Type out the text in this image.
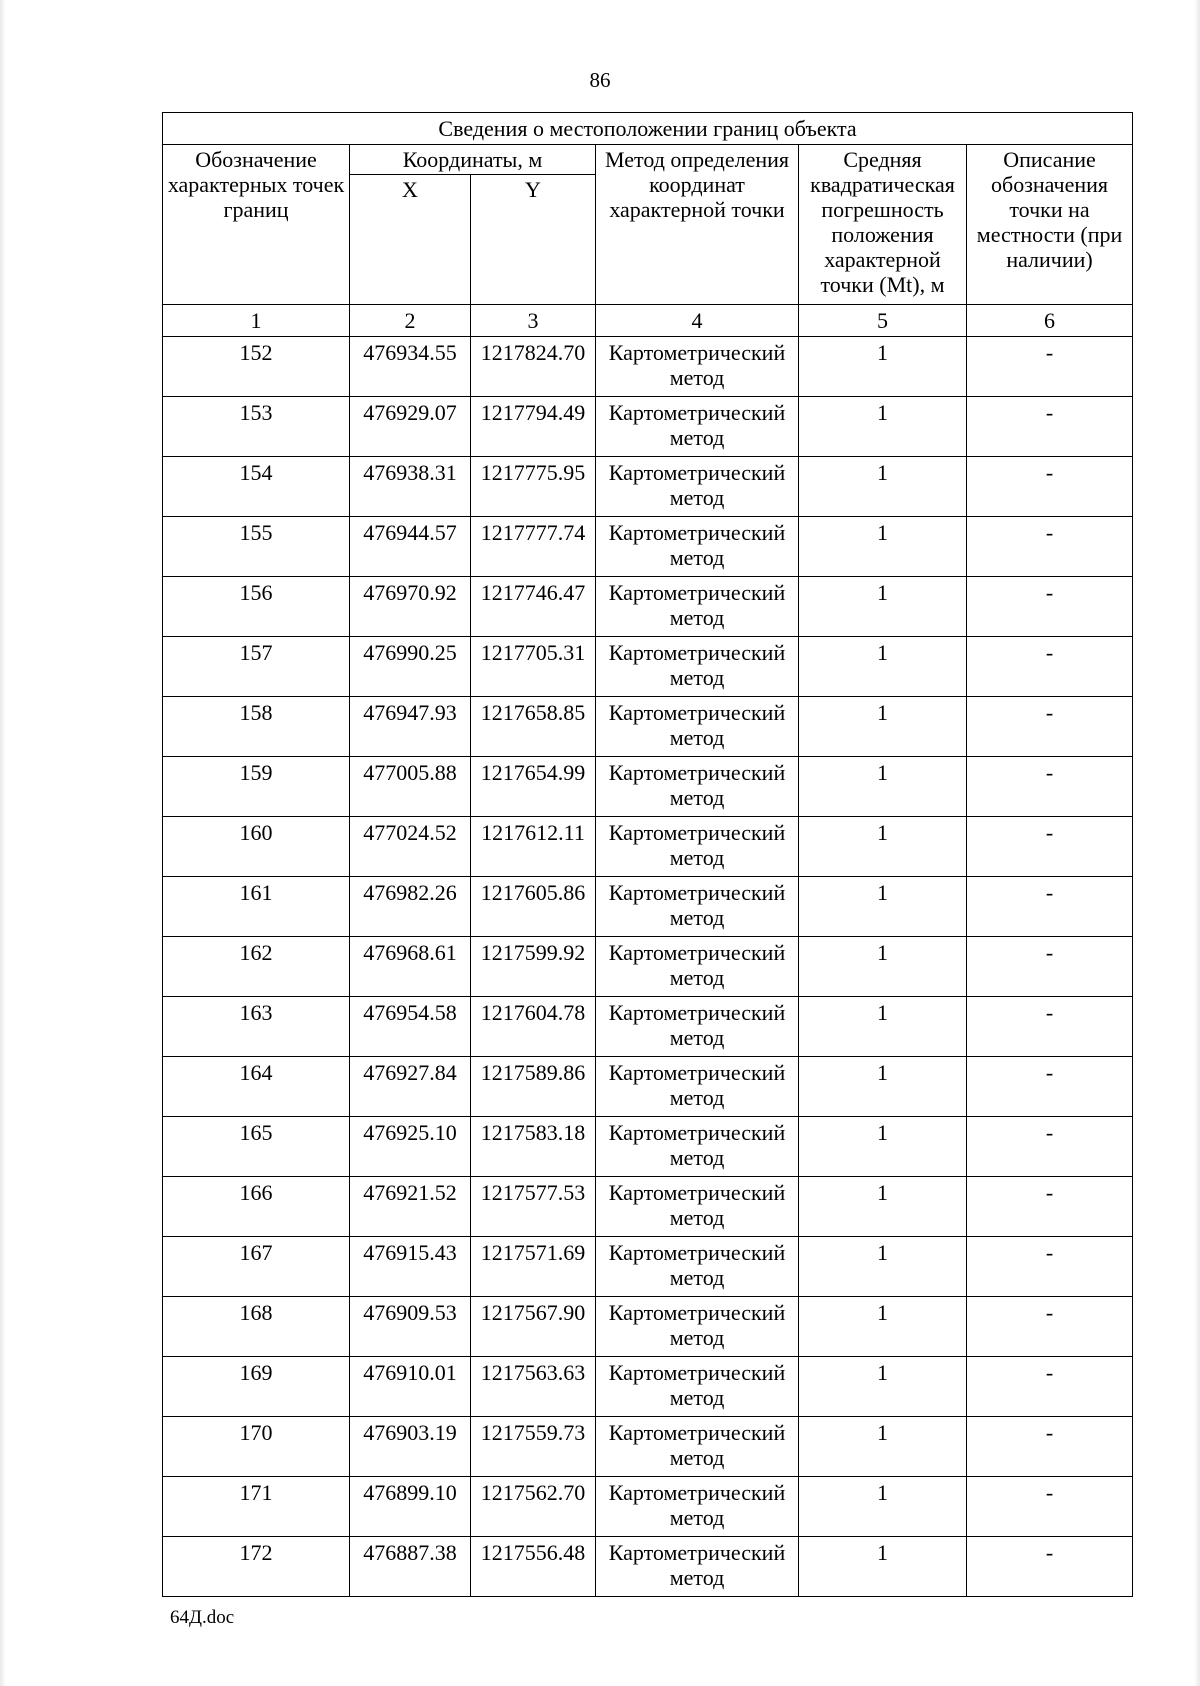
86
Сведения о местоположении границ объекта					
Обозначение характерных точек границ	Координаты, м		Метод определения координат характерной точки	Средняя квадратическая погрешность положения характерной точки (Mt), м	Описание обозначения точки на местности (при наличии)
	X	Y			
1	2	3	4	5	6
152	476934.55	1217824.70	Картометрический метод	1	-
153	476929.07	1217794.49	Картометрический метод	1	-
154	476938.31	1217775.95	Картометрический метод	1	-
155	476944.57	1217777.74	Картометрический метод	1	-
156	476970.92	1217746.47	Картометрический метод	1	-
157	476990.25	1217705.31	Картометрический метод	1	-
158	476947.93	1217658.85	Картометрический метод	1	-
159	477005.88	1217654.99	Картометрический метод	1	-
160	477024.52	1217612.11	Картометрический метод	1	-
161	476982.26	1217605.86	Картометрический метод	1	-
162	476968.61	1217599.92	Картометрический метод	1	-
163	476954.58	1217604.78	Картометрический метод	1	-
164	476927.84	1217589.86	Картометрический метод	1	-
165	476925.10	1217583.18	Картометрический метод	1	-
166	476921.52	1217577.53	Картометрический метод	1	-
167	476915.43	1217571.69	Картометрический метод	1	-
168	476909.53	1217567.90	Картометрический метод	1	-
169	476910.01	1217563.63	Картометрический метод	1	-
170	476903.19	1217559.73	Картометрический метод	1	-
171	476899.10	1217562.70	Картометрический метод	1	-
172	476887.38	1217556.48	Картометрический метод	1	-
64Д.doc
